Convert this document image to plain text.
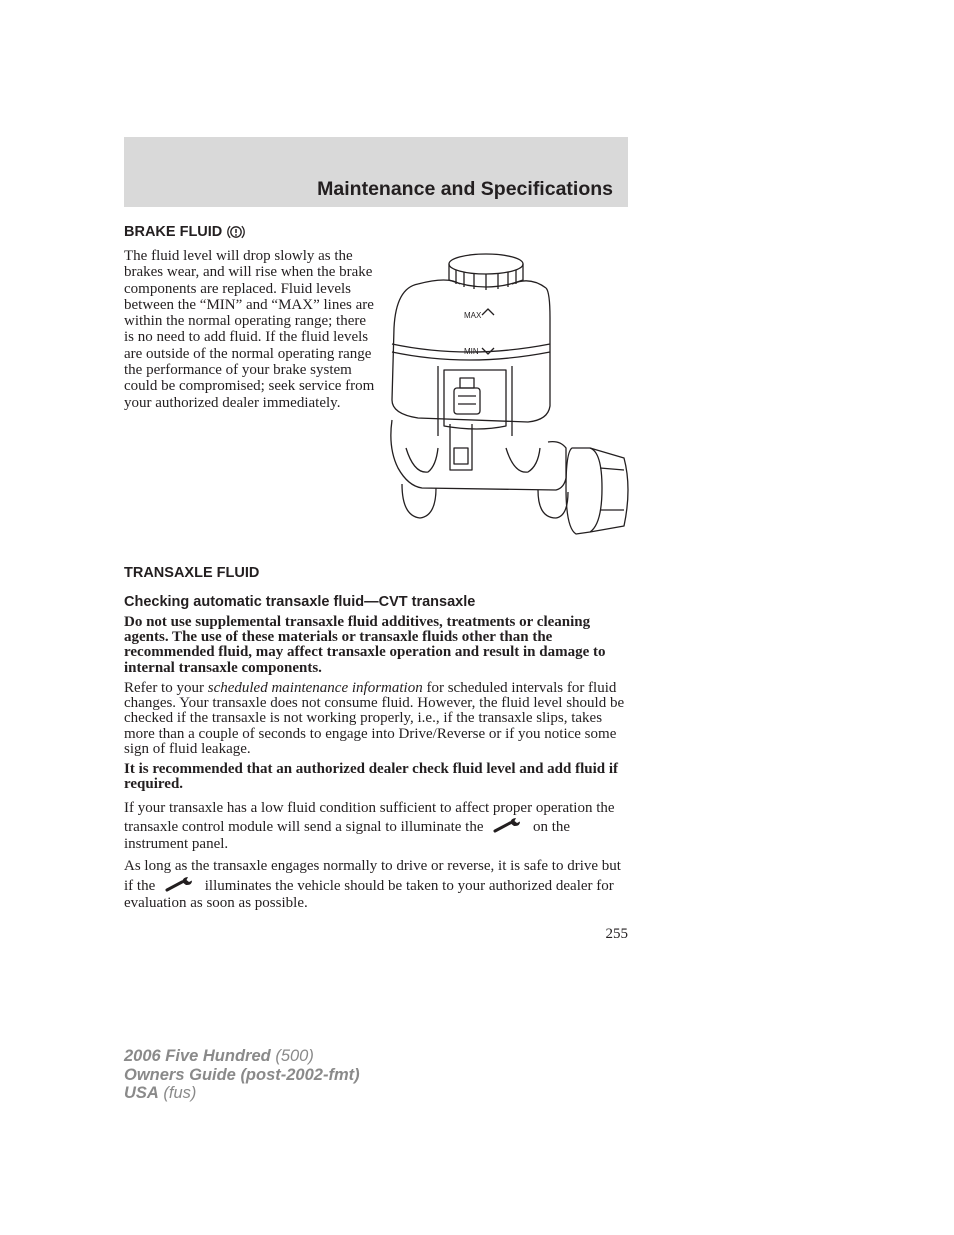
Maintenance and Specifications
BRAKE FLUID

The fluid level will drop slowly as the brakes wear, and will rise when the brake components are replaced. Fluid levels between the “MIN” and “MAX” lines are within the normal operating range; there is no need to add fluid. If the fluid levels are outside of the normal operating range the performance of your brake system could be compromised; seek service from your authorized dealer immediately.

MAX
MIN
TRANSAXLE FLUID
Checking automatic transaxle fluid—CVT transaxle

Do not use supplemental transaxle fluid additives, treatments or cleaning agents. The use of these materials or transaxle fluids other than the recommended fluid, may affect transaxle operation and result in damage to internal transaxle components.

Refer to your scheduled maintenance information for scheduled intervals for fluid changes. Your transaxle does not consume fluid. However, the fluid level should be checked if the transaxle is not working properly, i.e., if the transaxle slips, takes more than a couple of seconds to engage into Drive/Reverse or if you notice some sign of fluid leakage.

It is recommended that an authorized dealer check fluid level and add fluid if required.

If your transaxle has a low fluid condition sufficient to affect proper operation the transaxle control module will send a signal to illuminate the	on the instrument panel.

As long as the transaxle engages normally to drive or reverse, it is safe to drive but if the	illuminates the vehicle should be taken to your authorized dealer for evaluation as soon as possible.

255
2006 Five Hundred (500)
Owners Guide (post-2002-fmt)
USA (fus)
